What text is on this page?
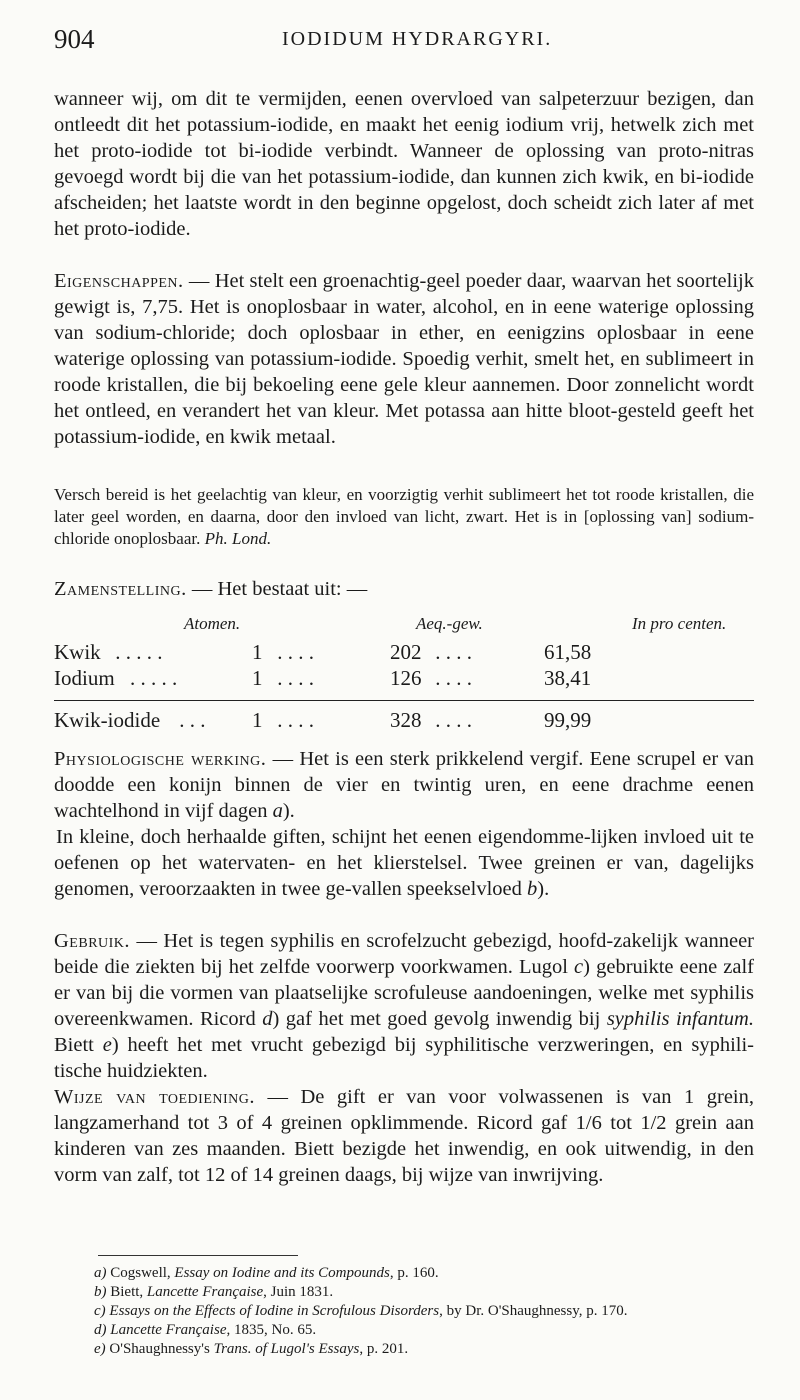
904	IODIDUM HYDRARGYRI.

wanneer wij, om dit te vermijden, eenen overvloed van salpeterzuur bezigen, dan ontleedt dit het potassium-iodide, en maakt het eenig iodium vrij, hetwelk zich met het proto-iodide tot bi-iodide verbindt. Wanneer de oplossing van proto-nitras gevoegd wordt bij die van het potassium-iodide, dan kunnen zich kwik, en bi-iodide afscheiden; het laatste wordt in den beginne opgelost, doch scheidt zich later af met het proto-iodide.

Eigenschappen. — Het stelt een groenachtig-geel poeder daar, waarvan het soortelijk gewigt is, 7,75. Het is onoplosbaar in water, alcohol, en in eene waterige oplossing van sodium-chloride; doch oplosbaar in ether, en eenigzins oplosbaar in eene waterige oplossing van potassium-iodide. Spoedig verhit, smelt het, en sublimeert in roode kristallen, die bij bekoeling eene gele kleur aannemen. Door zonnelicht wordt het ontleed, en verandert het van kleur. Met potassa aan hitte bloot-gesteld geeft het potassium-iodide, en kwik metaal.

Versch bereid is het geelachtig van kleur, en voorzigtig verhit sublimeert het tot roode kristallen, die later geel worden, en daarna, door den invloed van licht, zwart. Het is in [oplossing van] sodium-chloride onoplosbaar. Ph. Lond.

Zamenstelling. — Het bestaat uit: —

Atomen.	Aeq.-gew.	In pro centen.
Kwik . . . . .	1 . . . .	202 . . . .	61,58
Iodium . . . . .	1 . . . .	126 . . . .	38,41
Kwik-iodide . . . 1 . . . .	328 . . . .	99,99

Physiologische werking. — Het is een sterk prikkelend vergif. Eene scrupel er van doodde een konijn binnen de vier en twintig uren, en eene drachme eenen wachtelhond in vijf dagen a).

In kleine, doch herhaalde giften, schijnt het eenen eigendomme-lijken invloed uit te oefenen op het watervaten- en het klierstelsel. Twee greinen er van, dagelijks genomen, veroorzaakten in twee ge-vallen speekselvloed b).

Gebruik. — Het is tegen syphilis en scrofelzucht gebezigd, hoofd-zakelijk wanneer beide die ziekten bij het zelfde voorwerp voorkwamen. Lugol c) gebruikte eene zalf er van bij die vormen van plaatselijke scrofuleuse aandoeningen, welke met syphilis overeenkwamen. Ricord d) gaf het met goed gevolg inwendig bij syphilis infantum. Biett e) heeft het met vrucht gebezigd bij syphilitische verzweringen, en syphili-tische huidziekten.

Wijze van toediening. — De gift er van voor volwassenen is van 1 grein, langzamerhand tot 3 of 4 greinen opklimmende. Ricord gaf 1/6 tot 1/2 grein aan kinderen van zes maanden. Biett bezigde het inwendig, en ook uitwendig, in den vorm van zalf, tot 12 of 14 greinen daags, bij wijze van inwrijving.

a) Cogswell, Essay on Iodine and its Compounds, p. 160.
b) Biett, Lancette Française, Juin 1831.
c) Essays on the Effects of Iodine in Scrofulous Disorders, by Dr. O'Shaughnessy, p. 170.
d) Lancette Française, 1835, No. 65.
e) O'Shaughnessy's Trans. of Lugol's Essays, p. 201.
